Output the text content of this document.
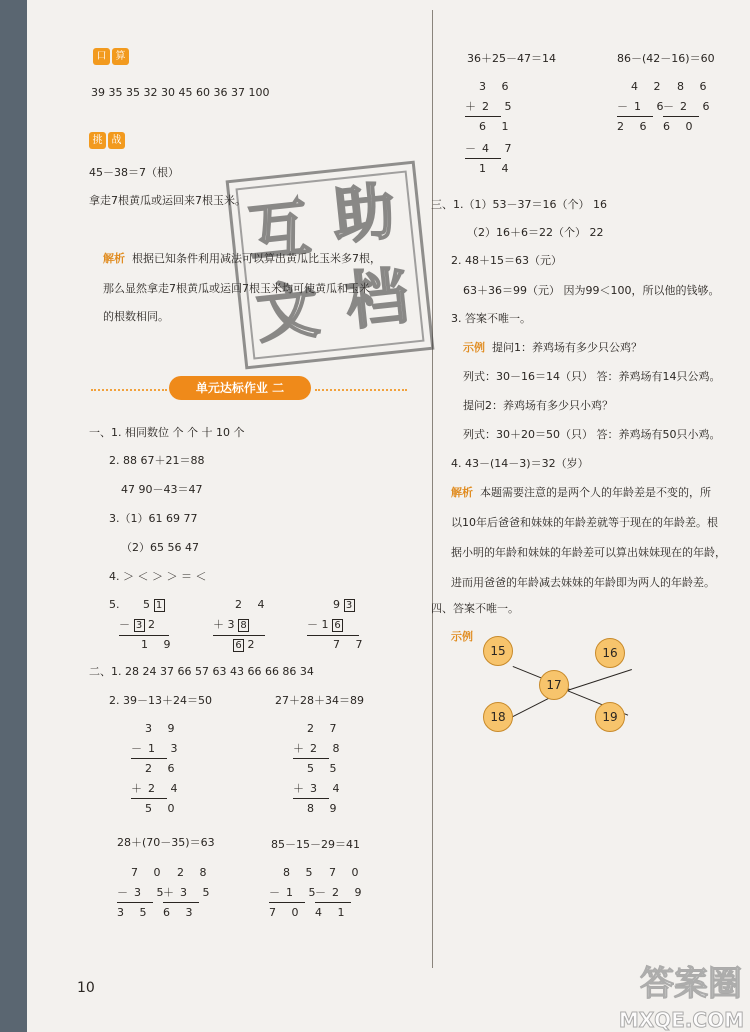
口 算
39 35 35 32 30 45 60 36 37 100
挑 战
45－38＝7（根）
拿走7根黄瓜或运回来7根玉米。
解析 根据已知条件利用减法可以算出黄瓜比玉米多7根，
那么显然拿走7根黄瓜或运回7根玉米均可使黄瓜和玉米
的根数相同。
单元达标作业 二
一、1. 相同数位 个 个 十 10 个
2. 88 67＋21＝88
47 90－43＝47
3.（1）61 69 77
（2）65 56 47
4. ＞ ＜ ＞ ＞ ＝ ＜
5. 5 1
－ 3 2
1 9
2 4
＋ 3 8
6 2
9 3
－ 1 6
7 7
二、1. 28 24 37 66 57 63 43 66 66 86 34
2. 39－13＋24＝50	27＋28＋34＝89
3 9
－1 3
2 6
＋2 4
5 0
2 7
＋2 8
5 5
＋3 4
8 9
28＋(70－35)＝63	85－15－29＝41
7 0
－3 5
3 5
2 8
＋3 5
6 3
8 5
－1 5
7 0
7 0
－2 9
4 1
10
36＋25－47＝14	86－(42－16)＝60
3 6
＋2 5
6 1
－4 7
1 4
4 2
－1 6
2 6
8 6
－2 6
6 0
三、1.（1）53－37＝16（个） 16
（2）16＋6＝22（个） 22
2. 48＋15＝63（元）
63＋36＝99（元） 因为99＜100，所以他的钱够。
3. 答案不唯一。
示例 提问1：养鸡场有多少只公鸡？
列式：30－16＝14（只） 答：养鸡场有14只公鸡。
提问2：养鸡场有多少只小鸡？
列式：30＋20＝50（只） 答：养鸡场有50只小鸡。
4. 43－(14－3)＝32（岁）
解析 本题需要注意的是两个人的年龄差是不变的，所
以10年后爸爸和妹妹的年龄差就等于现在的年龄差。根
据小明的年龄和妹妹的年龄差可以算出妹妹现在的年龄，
进而用爸爸的年龄减去妹妹的年龄即为两人的年龄差。
四、答案不唯一。
示例
15	16
17
18	19
互 助
文 档
答案圈
MXQE.COM
